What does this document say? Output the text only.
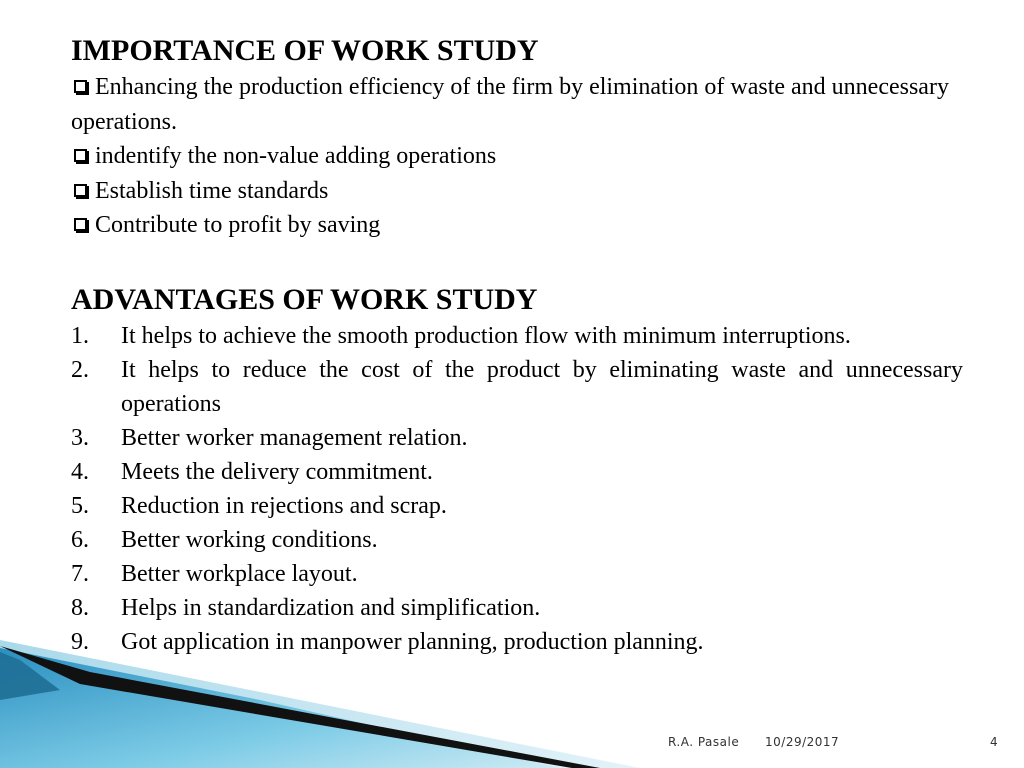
IMPORTANCE OF WORK STUDY
Enhancing the production efficiency of the firm by elimination of waste and unnecessary operations.
indentify the non-value adding operations
Establish time standards
Contribute to profit by saving
ADVANTAGES OF WORK STUDY
1. It helps to achieve the smooth production flow with minimum interruptions.
2. It helps to reduce the cost of the product by eliminating waste and unnecessary operations
3. Better worker management relation.
4. Meets the delivery commitment.
5. Reduction in rejections and scrap.
6. Better working conditions.
7. Better workplace layout.
8. Helps in standardization and simplification.
9. Got application in manpower planning, production planning.
R.A. Pasale 10/29/2017	4
